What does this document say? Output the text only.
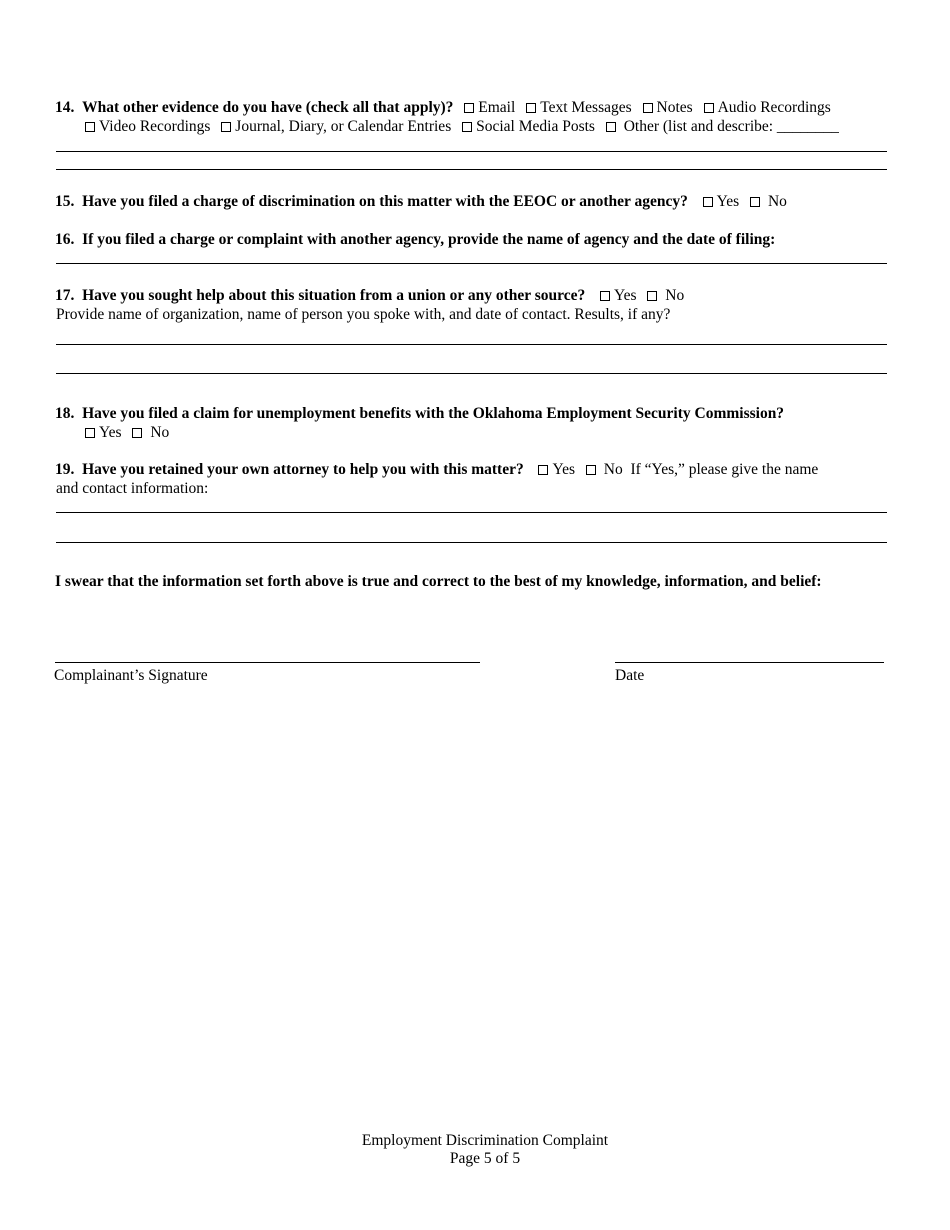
14. What other evidence do you have (check all that apply)? Email Text Messages Notes Audio Recordings
Video Recordings Journal, Diary, or Calendar Entries Social Media Posts Other (list and describe: ________
15. Have you filed a charge of discrimination on this matter with the EEOC or another agency? Yes No
16. If you filed a charge or complaint with another agency, provide the name of agency and the date of filing:
17. Have you sought help about this situation from a union or any other source? Yes No
Provide name of organization, name of person you spoke with, and date of contact. Results, if any?
18. Have you filed a claim for unemployment benefits with the Oklahoma Employment Security Commission?
Yes No
19. Have you retained your own attorney to help you with this matter? Yes No If “Yes,” please give the name
and contact information:
I swear that the information set forth above is true and correct to the best of my knowledge, information, and belief:
Complainant’s Signature	Date
Employment Discrimination Complaint
Page 5 of 5
